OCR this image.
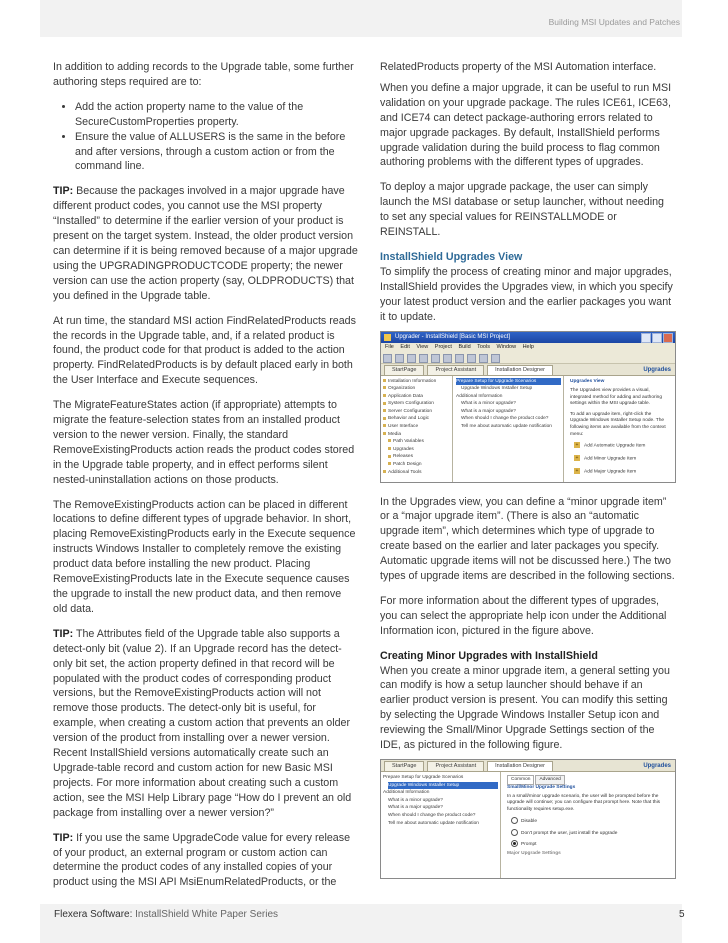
Building MSI Updates and Patches

In addition to adding records to the Upgrade table, some further authoring steps required are to:

• Add the action property name to the value of the SecureCustomProperties property.
• Ensure the value of ALLUSERS is the same in the before and after versions, through a custom action or from the command line.

TIP: Because the packages involved in a major upgrade have different product codes, you cannot use the MSI property “Installed” to determine if the earlier version of your product is present on the target system. Instead, the older product version can determine if it is being removed because of a major upgrade using the UPGRADINGPRODUCTCODE property; the newer version can use the action property (say, OLDPRODUCTS) that you defined in the Upgrade table.

At run time, the standard MSI action FindRelatedProducts reads the records in the Upgrade table, and, if a related product is found, the product code for that product is added to the action property. FindRelatedProducts is by default placed early in both the User Interface and Execute sequences.

The MigrateFeatureStates action (if appropriate) attempts to migrate the feature-selection states from an installed product version to the newer version. Finally, the standard RemoveExistingProducts action reads the product codes stored in the Upgrade table property, and in effect performs silent nested-uninstallation actions on those products.

The RemoveExistingProducts action can be placed in different locations to define different types of upgrade behavior. In short, placing RemoveExistingProducts early in the Execute sequence instructs Windows Installer to completely remove the existing product data before installing the new product. Placing RemoveExistingProducts late in the Execute sequence causes the upgrade to install the new product data, and then remove old data.

TIP: The Attributes field of the Upgrade table also supports a detect-only bit (value 2). If an Upgrade record has the detect-only bit set, the action property defined in that record will be populated with the product codes of corresponding product versions, but the RemoveExistingProducts action will not remove those products. The detect-only bit is useful, for example, when creating a custom action that prevents an older version of the product from installing over a newer version. Recent InstallShield versions automatically create such an Upgrade-table record and custom action for new Basic MSI projects. For more information about creating such a custom action, see the MSI Help Library page “How do I prevent an old package from installing over a newer version?”

TIP: If you use the same UpgradeCode value for every release of your product, an external program or custom action can determine the product codes of any installed copies of your product using the MSI API MsiEnumRelatedProducts, or the

RelatedProducts property of the MSI Automation interface.

When you define a major upgrade, it can be useful to run MSI validation on your upgrade package. The rules ICE61, ICE63, and ICE74 can detect package-authoring errors related to major upgrade packages. By default, InstallShield performs upgrade validation during the build process to flag common authoring problems with the different types of upgrades.

To deploy a major upgrade package, the user can simply launch the MSI database or setup launcher, without needing to set any special values for REINSTALLMODE or REINSTALL.

InstallShield Upgrades View

To simplify the process of creating minor and major upgrades, InstallShield provides the Upgrades view, in which you specify your latest product version and the earlier packages you want it to update.

Upgrader - InstallShield [Basic MSI Project]
File Edit View Project Build Tools Window Help
StartPage	Project Assistant	Installation Designer	Upgrades
Installation Information
Organization
Application Data
System Configuration
Server Configuration
Behavior and Logic
User Interface
Media
Path Variables
Upgrades
Releases
Patch Design
Additional Tools
Prepare Setup for Upgrade Scenarios
Upgrade Windows Installer Setup
Additional Information
What is a minor upgrade?
What is a major upgrade?
When should I change the product code?
Tell me about automatic update notification
Upgrades View
The Upgrades view provides a visual, integrated method for adding and authoring settings within the MSI upgrade table.
To add an upgrade item, right-click the Upgrade Windows Installer Setup node. The following items are available from the context menu:
+ Add Automatic Upgrade Item
+ Add Minor Upgrade Item
+ Add Major Upgrade Item

In the Upgrades view, you can define a “minor upgrade item” or a “major upgrade item”. (There is also an “automatic upgrade item”, which determines which type of upgrade to create based on the earlier and later packages you specify. Automatic upgrade items will not be discussed here.) The two types of upgrade items are described in the following sections.

For more information about the different types of upgrades, you can select the appropriate help icon under the Additional Information icon, pictured in the figure above.

Creating Minor Upgrades with InstallShield

When you create a minor upgrade item, a general setting you can modify is how a setup launcher should behave if an earlier product version is present. You can modify this setting by selecting the Upgrade Windows Installer Setup icon and reviewing the Small/Minor Upgrade Settings section of the IDE, as pictured in the following figure.

StartPage	Project Assistant	Installation Designer	Upgrades
Prepare Setup for Upgrade Scenarios
Upgrade Windows Installer Setup
Additional Information
What is a minor upgrade?
What is a major upgrade?
When should I change the product code?
Tell me about automatic update notification
Common Advanced
Small/Minor Upgrade Settings
In a small/minor upgrade scenario, the user will be prompted before the upgrade will continue; you can configure that prompt here. Note that this functionality requires setup.exe.
Disable
Don't prompt the user, just install the upgrade
Prompt
Major Upgrade Settings
Flexera Software: InstallShield White Paper Series	5
